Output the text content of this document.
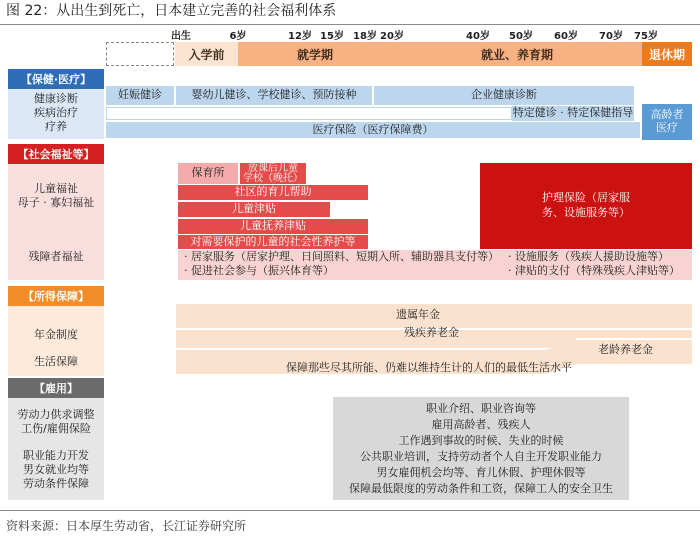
图 22：从出生到死亡，日本建立完善的社会福利体系
出生	6岁	12岁 15岁 18岁 20岁	40岁 50岁 60岁 70岁 75岁
入学前	就学期	就业、养育期	退休期
【保健·医疗】
健康诊断
疾病治疗
疗养
妊娠健诊	婴幼儿健诊、学校健诊、预防接种	企业健康诊断
特定健诊 · 特定保健指导	高龄者
医疗
医疗保险（医疗保障费）
【社会福祉等】
儿童福祉
母子 · 寡妇福祉
残障者福祉
保育所	放课后儿童
学校（晚托）
社区的育儿帮助
儿童津贴
儿童抚养津贴
对需要保护的儿童的社会性养护等
护理保险（居家服
务、设施服务等）
· 居家服务（居家护理、日间照料、短期入所、辅助器具支付等）
· 促进社会参与（振兴体育等）
· 设施服务（残疾人援助设施等）
· 津贴的支付（特殊残疾人津贴等）
【所得保障】
年金制度
生活保障
遗属年金
残疾养老金
老龄养老金
保障那些尽其所能、仍难以维持生计的人们的最低生活水平
【雇用】
劳动力供求调整
工伤/雇佣保险
职业能力开发
男女就业均等
劳动条件保障
职业介绍、职业咨询等
雇用高龄者、残疾人
工作遇到事故的时候、失业的时候
公共职业培训，支持劳动者个人自主开发职业能力
男女雇佣机会均等、育儿休假、护理休假等
保障最低限度的劳动条件和工资，保障工人的安全卫生
资料来源：日本厚生劳动省，长江证券研究所
